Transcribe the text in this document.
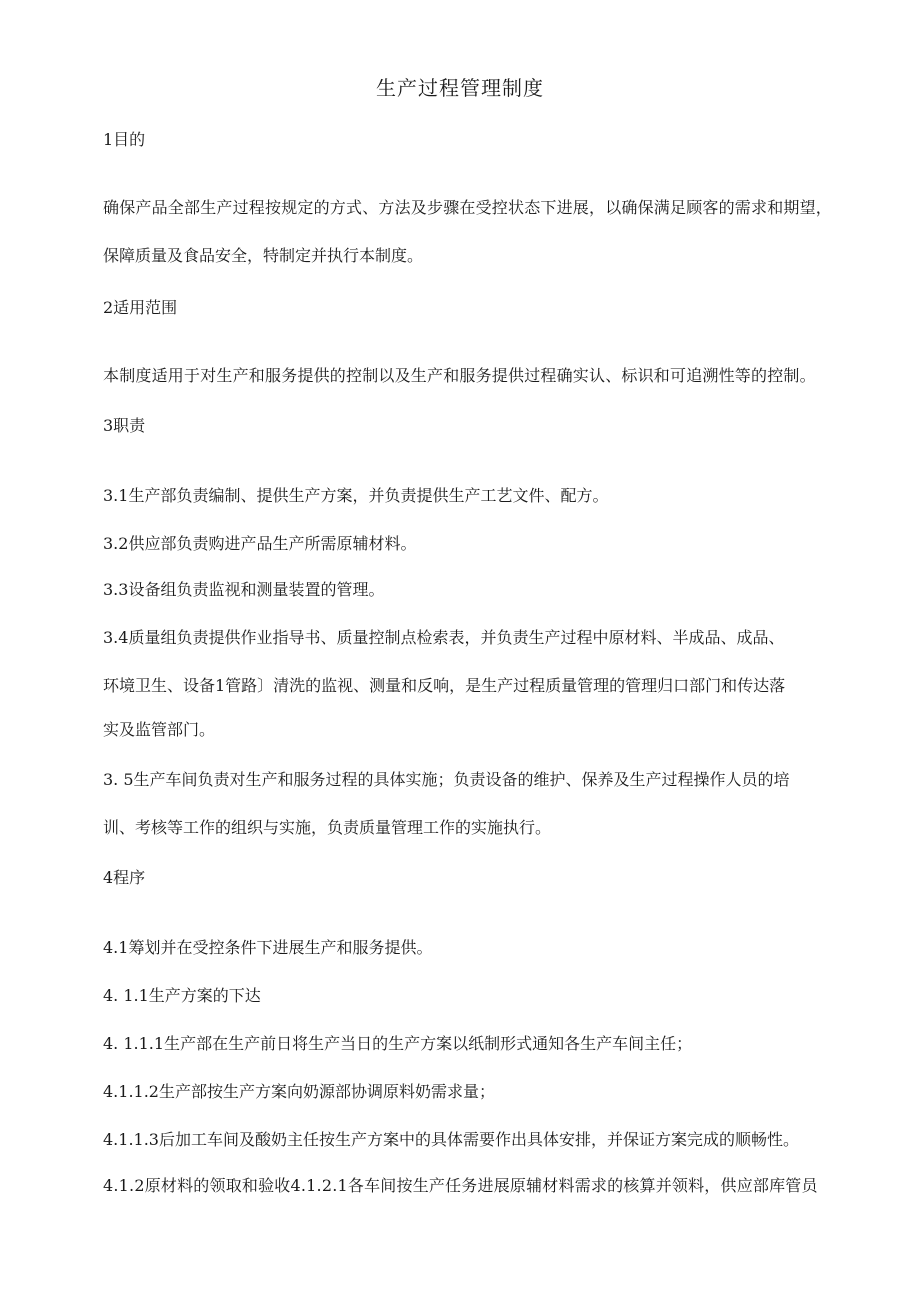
生产过程管理制度
1目的
确保产品全部生产过程按规定的方式、方法及步骤在受控状态下进展，以确保满足顾客的需求和期望，
保障质量及食品安全，特制定并执行本制度。
2适用范围
本制度适用于对生产和服务提供的控制以及生产和服务提供过程确实认、标识和可追溯性等的控制。
3职责
3.1生产部负责编制、提供生产方案，并负责提供生产工艺文件、配方。
3.2供应部负责购进产品生产所需原辅材料。
3.3设备组负责监视和测量装置的管理。
3.4质量组负责提供作业指导书、质量控制点检索表，并负责生产过程中原材料、半成品、成品、
环境卫生、设备1管路〕清洗的监视、测量和反响，是生产过程质量管理的管理归口部门和传达落
实及监管部门。
3. 5生产车间负责对生产和服务过程的具体实施；负责设备的维护、保养及生产过程操作人员的培
训、考核等工作的组织与实施，负责质量管理工作的实施执行。
4程序
4.1筹划并在受控条件下进展生产和服务提供。
4. 1.1生产方案的下达
4. 1.1.1生产部在生产前日将生产当日的生产方案以纸制形式通知各生产车间主任；
4.1.1.2生产部按生产方案向奶源部协调原料奶需求量；
4.1.1.3后加工车间及酸奶主任按生产方案中的具体需要作出具体安排，并保证方案完成的顺畅性。
4.1.2原材料的领取和验收4.1.2.1各车间按生产任务进展原辅材料需求的核算并领料，供应部库管员
